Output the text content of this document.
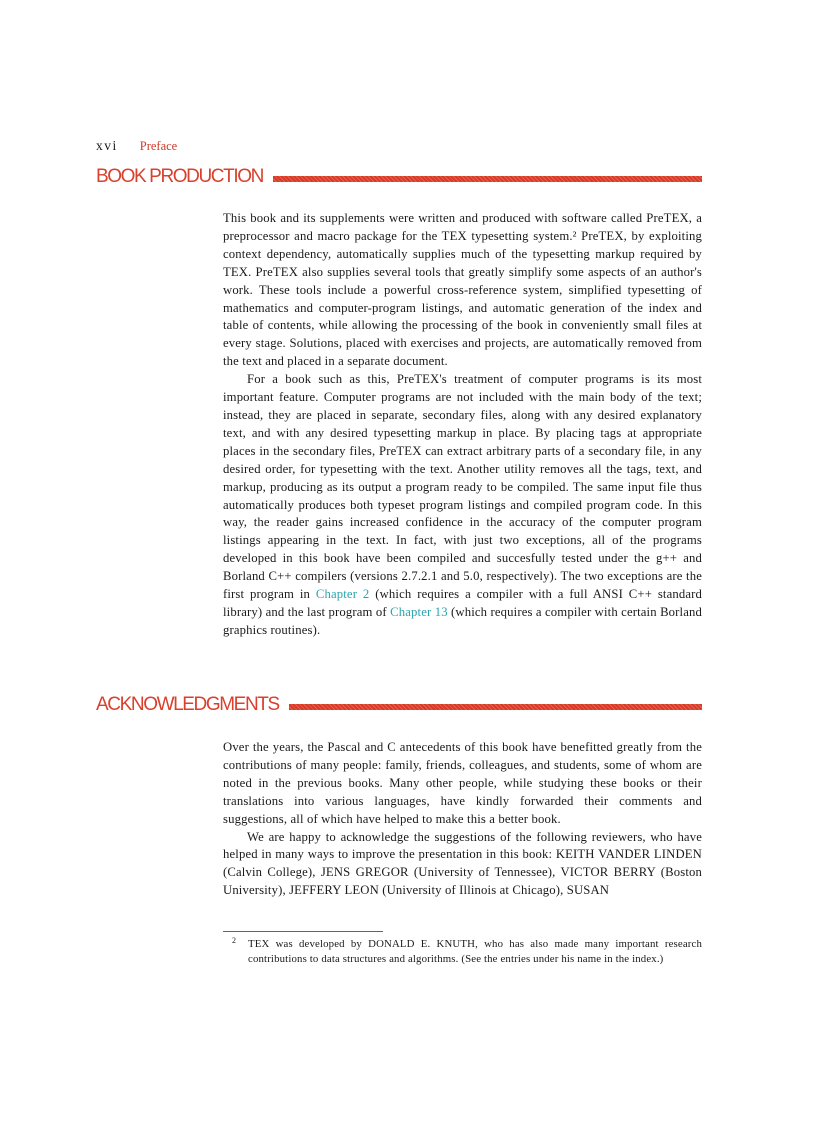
xvi Preface
BOOK PRODUCTION

This book and its supplements were written and produced with software called PreTEX, a preprocessor and macro package for the TEX typesetting system.² PreTEX, by exploiting context dependency, automatically supplies much of the typesetting markup required by TEX. PreTEX also supplies several tools that greatly simplify some aspects of an author's work. These tools include a powerful cross-reference system, simplified typesetting of mathematics and computer-program listings, and automatic generation of the index and table of contents, while allowing the processing of the book in conveniently small files at every stage. Solutions, placed with exercises and projects, are automatically removed from the text and placed in a separate document.

For a book such as this, PreTEX's treatment of computer programs is its most important feature. Computer programs are not included with the main body of the text; instead, they are placed in separate, secondary files, along with any desired explanatory text, and with any desired typesetting markup in place. By placing tags at appropriate places in the secondary files, PreTEX can extract arbitrary parts of a secondary file, in any desired order, for typesetting with the text. Another utility removes all the tags, text, and markup, producing as its output a program ready to be compiled. The same input file thus automatically produces both typeset program listings and compiled program code. In this way, the reader gains increased confidence in the accuracy of the computer program listings appearing in the text. In fact, with just two exceptions, all of the programs developed in this book have been compiled and succesfully tested under the g++ and Borland C++ compilers (versions 2.7.2.1 and 5.0, respectively). The two exceptions are the first program in Chapter 2 (which requires a compiler with a full ANSI C++ standard library) and the last program of Chapter 13 (which requires a compiler with certain Borland graphics routines).

ACKNOWLEDGMENTS

Over the years, the Pascal and C antecedents of this book have benefitted greatly from the contributions of many people: family, friends, colleagues, and students, some of whom are noted in the previous books. Many other people, while studying these books or their translations into various languages, have kindly forwarded their comments and suggestions, all of which have helped to make this a better book.

We are happy to acknowledge the suggestions of the following reviewers, who have helped in many ways to improve the presentation in this book: KEITH VANDER LINDEN (Calvin College), JENS GREGOR (University of Tennessee), VICTOR BERRY (Boston University), JEFFERY LEON (University of Illinois at Chicago), SUSAN

2 TEX was developed by DONALD E. KNUTH, who has also made many important research contributions to data structures and algorithms. (See the entries under his name in the index.)
